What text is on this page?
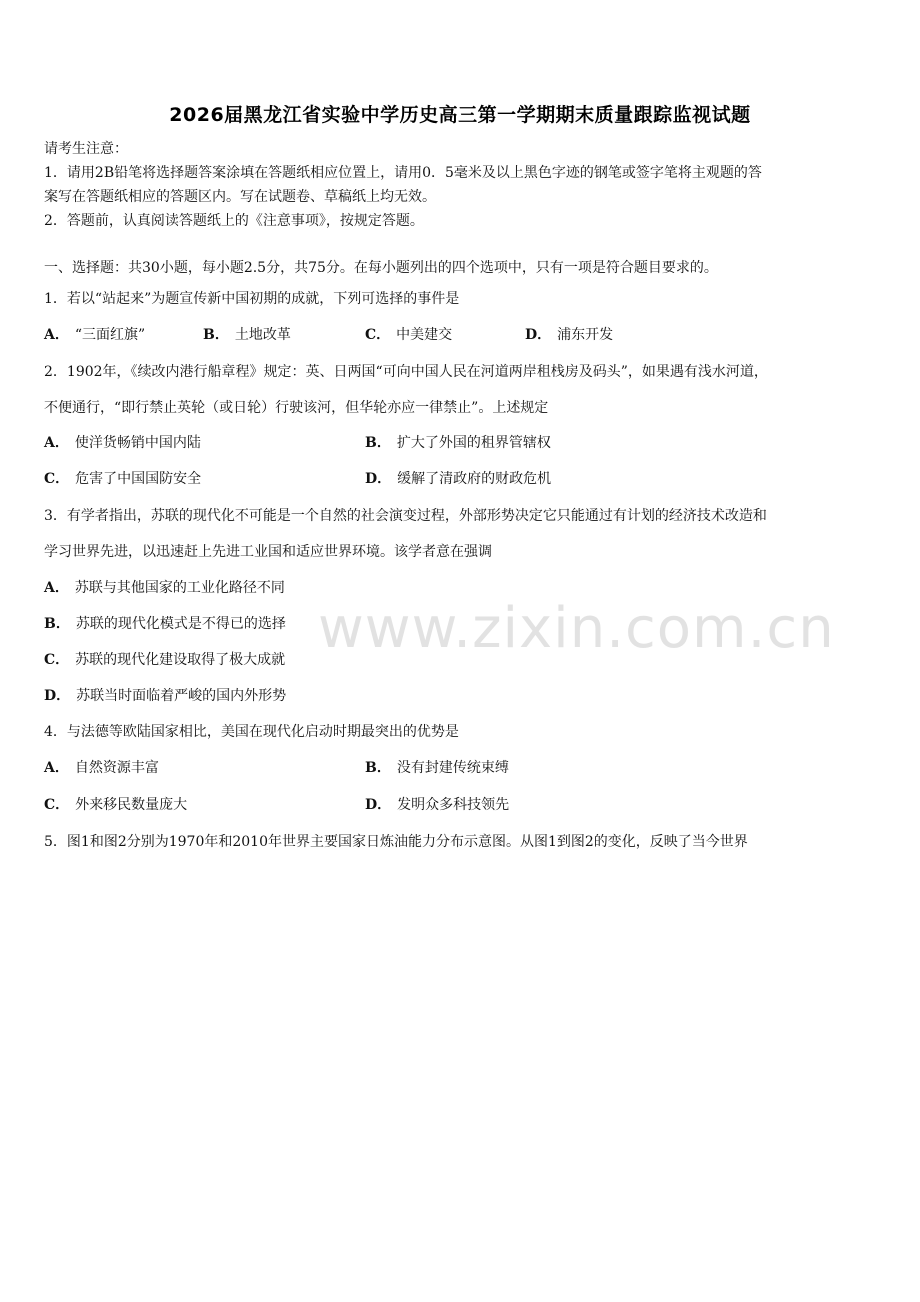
2026届黑龙江省实验中学历史高三第一学期期末质量跟踪监视试题
请考生注意：
1．请用2B铅笔将选择题答案涂填在答题纸相应位置上，请用0．5毫米及以上黑色字迹的钢笔或签字笔将主观题的答
案写在答题纸相应的答题区内。写在试题卷、草稿纸上均无效。
2．答题前，认真阅读答题纸上的《注意事项》，按规定答题。
一、选择题：共30小题，每小题2.5分，共75分。在每小题列出的四个选项中，只有一项是符合题目要求的。
1．若以“站起来”为题宣传新中国初期的成就，下列可选择的事件是
A． “三面红旗”	B． 土地改革	C． 中美建交	D． 浦东开发
2．1902年，《续改内港行船章程》规定：英、日两国“可向中国人民在河道两岸租栈房及码头”，如果遇有浅水河道，
不便通行，“即行禁止英轮（或日轮）行驶该河，但华轮亦应一律禁止”。上述规定
A． 使洋货畅销中国内陆	B． 扩大了外国的租界管辖权
C． 危害了中国国防安全	D． 缓解了清政府的财政危机
3．有学者指出，苏联的现代化不可能是一个自然的社会演变过程，外部形势决定它只能通过有计划的经济技术改造和
学习世界先进，以迅速赶上先进工业国和适应世界环境。该学者意在强调
A． 苏联与其他国家的工业化路径不同
B． 苏联的现代化模式是不得已的选择
C． 苏联的现代化建设取得了极大成就
D． 苏联当时面临着严峻的国内外形势
4．与法德等欧陆国家相比，美国在现代化启动时期最突出的优势是
A． 自然资源丰富	B． 没有封建传统束缚
C． 外来移民数量庞大	D． 发明众多科技领先
5．图1和图2分别为1970年和2010年世界主要国家日炼油能力分布示意图。从图1到图2的变化，反映了当今世界
www.zixin.com.cn
